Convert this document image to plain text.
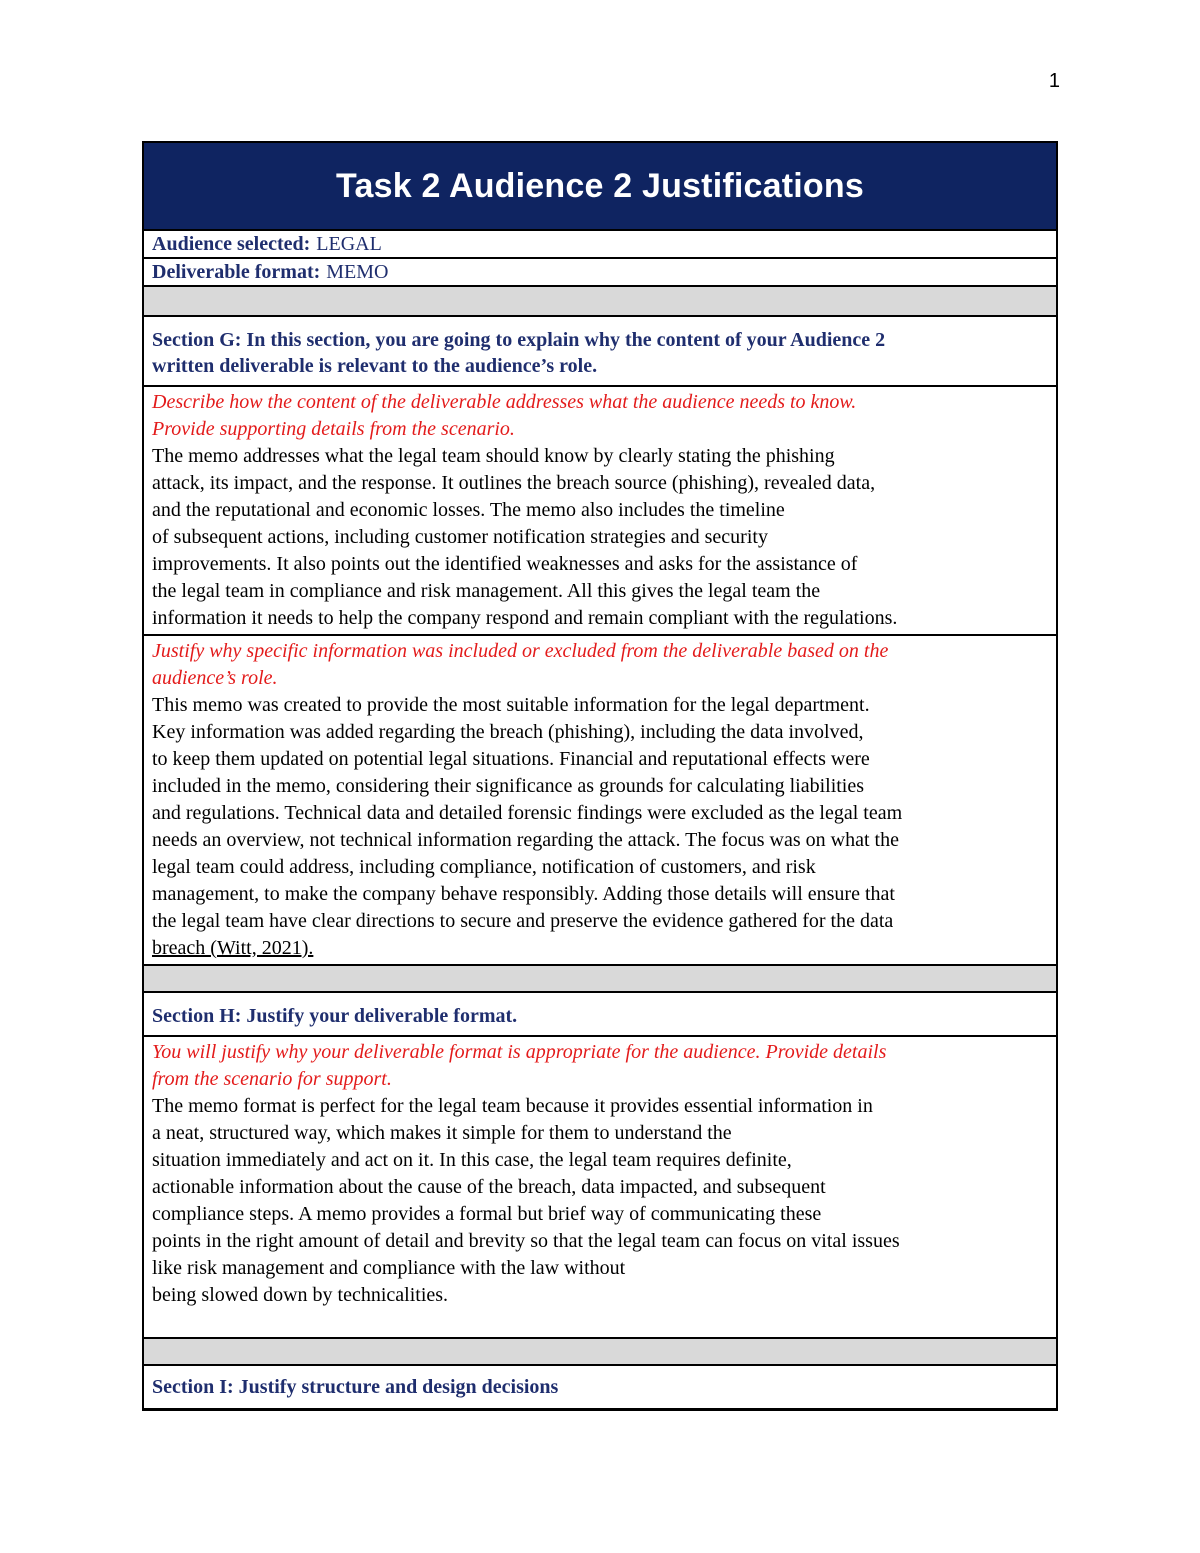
1
Task 2 Audience 2 Justifications
Audience selected: LEGAL
Deliverable format: MEMO
Section G: In this section, you are going to explain why the content of your Audience 2
written deliverable is relevant to the audience’s role.
Describe how the content of the deliverable addresses what the audience needs to know.
Provide supporting details from the scenario.
The memo addresses what the legal team should know by clearly stating the phishing
attack, its impact, and the response. It outlines the breach source (phishing), revealed data,
and the reputational and economic losses. The memo also includes the timeline
of subsequent actions, including customer notification strategies and security
improvements. It also points out the identified weaknesses and asks for the assistance of
the legal team in compliance and risk management. All this gives the legal team the
information it needs to help the company respond and remain compliant with the regulations.
Justify why specific information was included or excluded from the deliverable based on the
audience’s role.
This memo was created to provide the most suitable information for the legal department.
Key information was added regarding the breach (phishing), including the data involved,
to keep them updated on potential legal situations. Financial and reputational effects were
included in the memo, considering their significance as grounds for calculating liabilities
and regulations. Technical data and detailed forensic findings were excluded as the legal team
needs an overview, not technical information regarding the attack. The focus was on what the
legal team could address, including compliance, notification of customers, and risk
management, to make the company behave responsibly. Adding those details will ensure that
the legal team have clear directions to secure and preserve the evidence gathered for the data
breach (Witt, 2021).
Section H: Justify your deliverable format.
You will justify why your deliverable format is appropriate for the audience. Provide details
from the scenario for support.
The memo format is perfect for the legal team because it provides essential information in
a neat, structured way, which makes it simple for them to understand the
situation immediately and act on it. In this case, the legal team requires definite,
actionable information about the cause of the breach, data impacted, and subsequent
compliance steps. A memo provides a formal but brief way of communicating these
points in the right amount of detail and brevity so that the legal team can focus on vital issues
like risk management and compliance with the law without
being slowed down by technicalities.
Section I: Justify structure and design decisions
